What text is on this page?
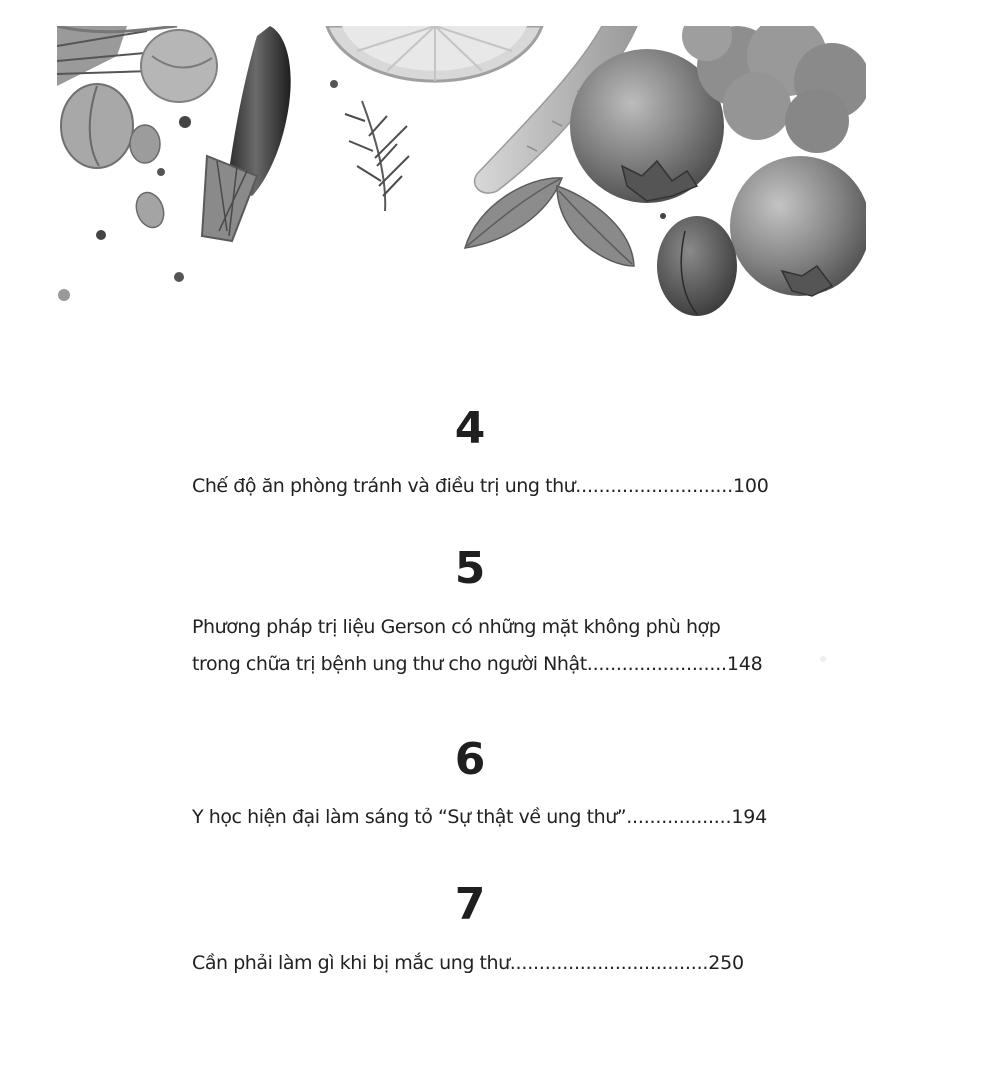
4
Chế độ ăn phòng tránh và điều trị ung thư...........................100
5
Phương pháp trị liệu Gerson có những mặt không phù hợp
trong chữa trị bệnh ung thư cho người Nhật........................148
6
Y học hiện đại làm sáng tỏ “Sự thật về ung thư”..................194
7
Cần phải làm gì khi bị mắc ung thư..................................250
